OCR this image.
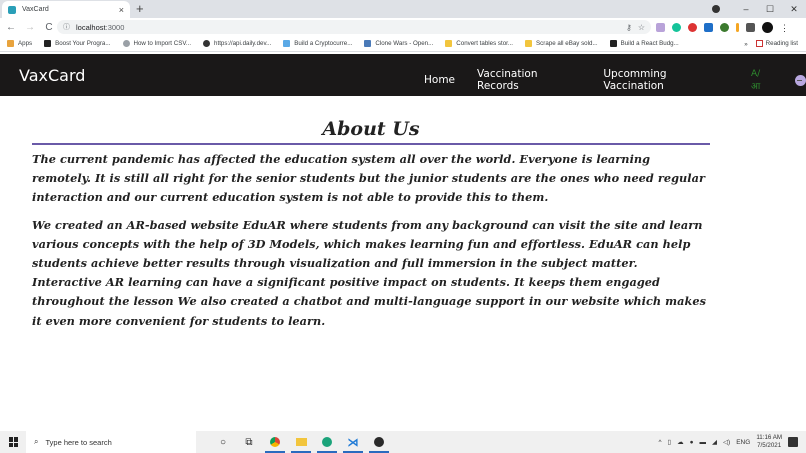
VaxCard	× +	–	☐	✕
← →	C	ⓘ localhost :3000	⚷ ☆	⋮
Apps	Boost Your Progra...	How to Import CSV...	https://api.daily.dev...	Build a Cryptocurre...	Clone Wars - Open...	Convert tables stor...	Scrape all eBay sold...	Build a React Budg...	»	Reading list
VaxCard	Home Vaccination Records
Upcomming Vaccination
A/आ
About Us

The current pandemic has affected the education system all over the world. Everyone is learning remotely. It is still all right for the senior students but the junior students are the ones who need regular interaction and our current education system is not able to provide this to them.

We created an AR-based website EduAR where students from any background can visit the site and learn various concepts with the help of 3D Models, which makes learning fun and effortless. EduAR can help students achieve better results through visualization and full immersion in the subject matter. Interactive AR learning can have a significant positive impact on students. It keeps them engaged throughout the lesson We also created a chatbot and multi-language support in our website which makes it even more convenient for students to learn.

⌕ Type here to search	○	⧉	⋊	^ ▯ ☁ ● ▬ ◢ ◁) ENG
11:16 AM
7/5/2021
